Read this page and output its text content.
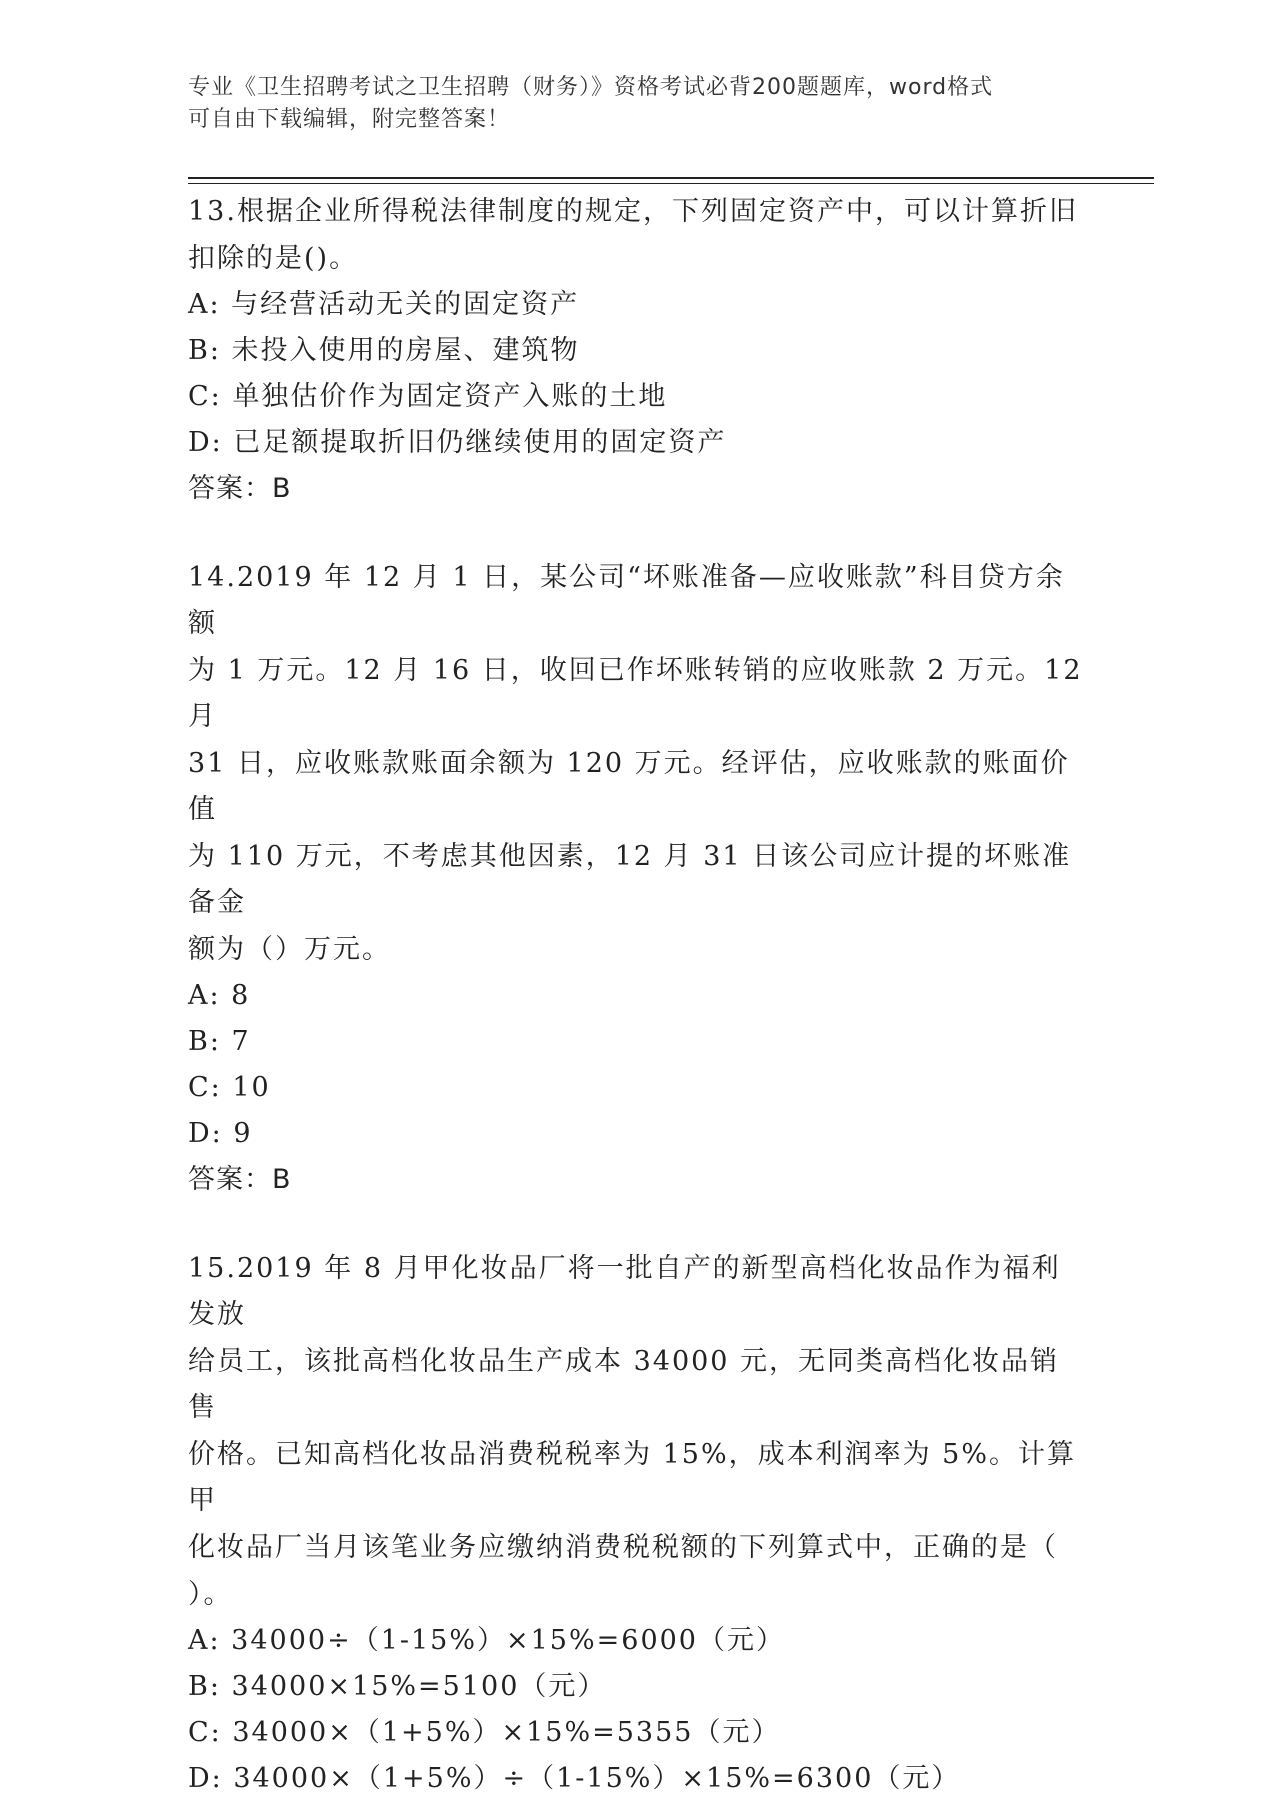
专业《卫生招聘考试之卫生招聘（财务）》资格考试必背200题题库，word格式
可自由下载编辑，附完整答案！

13.根据企业所得税法律制度的规定，下列固定资产中，可以计算折旧

扣除的是()。

A: 与经营活动无关的固定资产

B: 未投入使用的房屋、建筑物

C: 单独估价作为固定资产入账的土地

D: 已足额提取折旧仍继续使用的固定资产

答案：B

14.2019 年 12 月 1 日，某公司“坏账准备—应收账款”科目贷方余额

为 1 万元。12 月 16 日，收回已作坏账转销的应收账款 2 万元。12 月

31 日，应收账款账面余额为 120 万元。经评估，应收账款的账面价值

为 110 万元，不考虑其他因素，12 月 31 日该公司应计提的坏账准备金

额为（）万元。

A: 8

B: 7

C: 10

D: 9

答案：B

15.2019 年 8 月甲化妆品厂将一批自产的新型高档化妆品作为福利发放

给员工，该批高档化妆品生产成本 34000 元，无同类高档化妆品销售

价格。已知高档化妆品消费税税率为 15%，成本利润率为 5%。计算甲

化妆品厂当月该笔业务应缴纳消费税税额的下列算式中，正确的是（

）。

A: 34000÷（1-15%）×15%=6000（元）

B: 34000×15%=5100（元）

C: 34000×（1+5%）×15%=5355（元）

D: 34000×（1+5%）÷（1-15%）×15%=6300（元）
